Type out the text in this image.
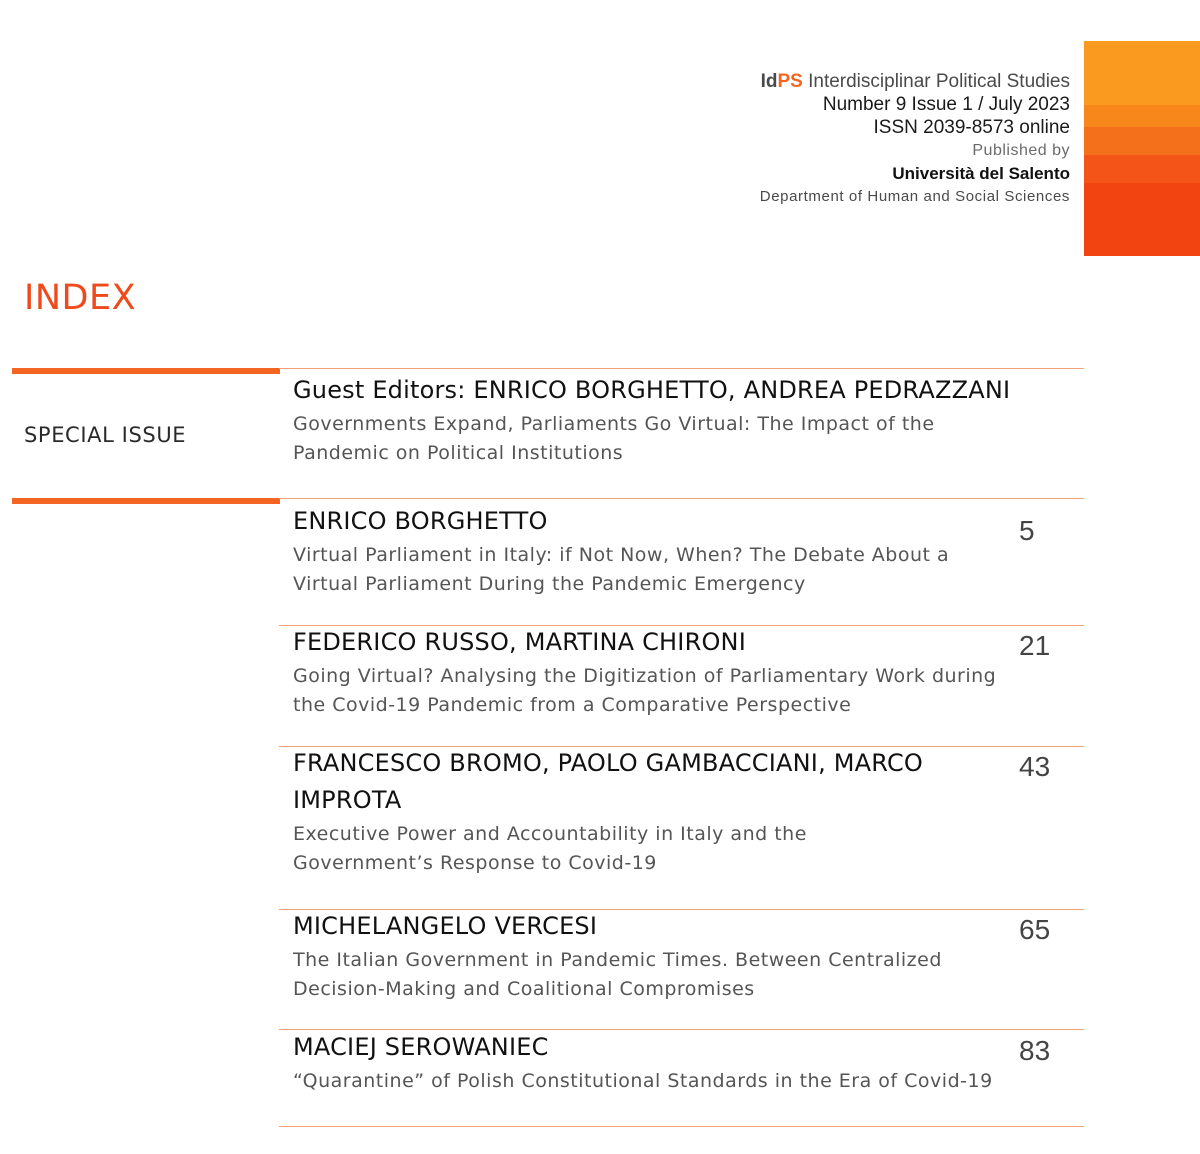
IdPS Interdisciplinar Political Studies
Number 9 Issue 1 / July 2023
ISSN 2039-8573 online
Published by
Università del Salento
Department of Human and Social Sciences
INDEX
SPECIAL ISSUE
Guest Editors: ENRICO BORGHETTO, ANDREA PEDRAZZANI
Governments Expand, Parliaments Go Virtual: The Impact of the Pandemic on Political Institutions
ENRICO BORGHETTO
Virtual Parliament in Italy: if Not Now, When? The Debate About a Virtual Parliament During the Pandemic Emergency
5
FEDERICO RUSSO, MARTINA CHIRONI
Going Virtual? Analysing the Digitization of Parliamentary Work during the Covid-19 Pandemic from a Comparative Perspective
21
FRANCESCO BROMO, PAOLO GAMBACCIANI, MARCO IMPROTA
Executive Power and Accountability in Italy and the Government’s Response to Covid-19
43
MICHELANGELO VERCESI
The Italian Government in Pandemic Times. Between Centralized Decision-Making and Coalitional Compromises
65
MACIEJ SEROWANIEC
“Quarantine” of Polish Constitutional Standards in the Era of Covid-19
83
